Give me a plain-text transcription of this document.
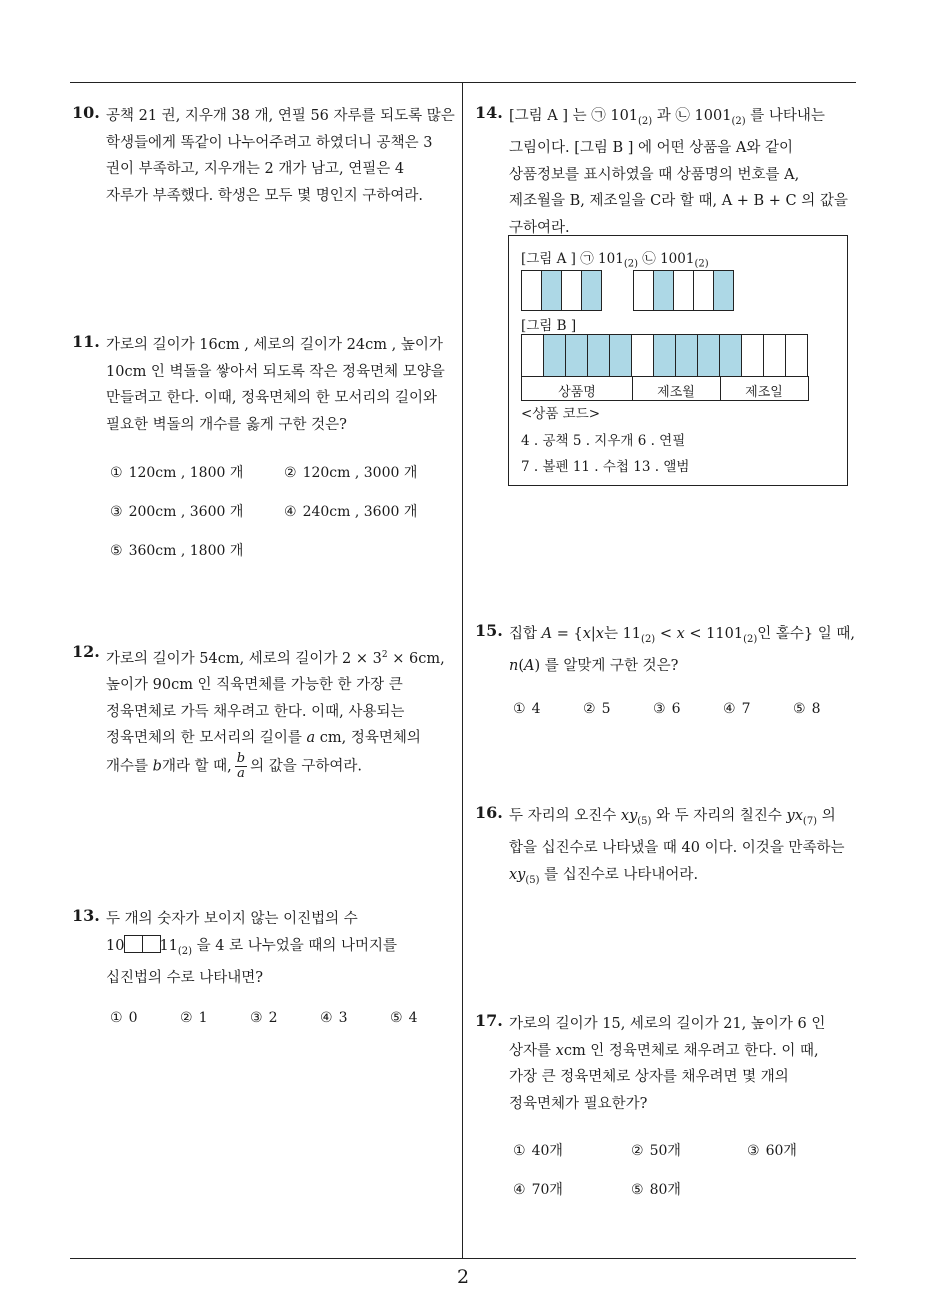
10. 공책 21 권, 지우개 38 개, 연필 56 자루를 되도록 많은

학생들에게 똑같이 나누어주려고 하였더니 공책은 3

권이 부족하고, 지우개는 2 개가 남고, 연필은 4

자루가 부족했다. 학생은 모두 몇 명인지 구하여라.

11. 가로의 길이가 16cm , 세로의 길이가 24cm , 높이가

10cm 인 벽돌을 쌓아서 되도록 작은 정육면체 모양을

만들려고 한다. 이때, 정육면체의 한 모서리의 길이와

필요한 벽돌의 개수를 옳게 구한 것은?

① 120cm , 1800 개	② 120cm , 3000 개
③ 200cm , 3600 개	④ 240cm , 3600 개
⑤ 360cm , 1800 개
12. 가로의 길이가 54cm, 세로의 길이가 $2 \times 3^2 \times 6cm$,

높이가 90cm 인 직육면체를 가능한 한 가장 큰

정육면체로 가득 채우려고 한다. 이때, 사용되는

정육면체의 한 모서리의 길이를 a cm, 정육면체의

개수를 b개라 할 때, $\frac{b}{a}$ 의 값을 구하여라.

13. 두 개의 숫자가 보이지 않는 이진법의 수

10 $11_{(2)}$ 을 4 로 나누었을 때의 나머지를

십진법의 수로 나타내면?

① 0	② 1	③ 2	④ 3	⑤ 4
14. [그림 A ] 는 ㉠ $101_{(2)}$ 과 ㉡ $1001_{(2)}$ 를 나타내는

그림이다. [그림 B ] 에 어떤 상품을 A와 같이

상품정보를 표시하였을 때 상품명의 번호를 A,

제조월을 B, 제조일을 C라 할 때, A + B + C 의 값을

구하여라.

[그림 A ] ㉠ $101_{(2)}$ ㉡ $1001_{(2)}$
[그림 B ]
상품명	제조월	제조일
<상품 코드>
4 . 공책 5 . 지우개 6 . 연필
7 . 볼펜 11 . 수첩 13 . 앨범
15. 집합 A = {x|x는 $11_{(2)} < x < 1101_{(2)}$인 홀수} 일 때,

n(A) 를 알맞게 구한 것은?

① 4	② 5	③ 6	④ 7	⑤ 8
16. 두 자리의 오진수 $xy_{(5)}$ 와 두 자리의 칠진수 $yx_{(7)}$ 의

합을 십진수로 나타냈을 때 40 이다. 이것을 만족하는

$xy_{(5)}$ 를 십진수로 나타내어라.

17. 가로의 길이가 15, 세로의 길이가 21, 높이가 6 인

상자를 xcm 인 정육면체로 채우려고 한다. 이 때,

가장 큰 정육면체로 상자를 채우려면 몇 개의

정육면체가 필요한가?

① 40개	② 50개	③ 60개
④ 70개	⑤ 80개
2
